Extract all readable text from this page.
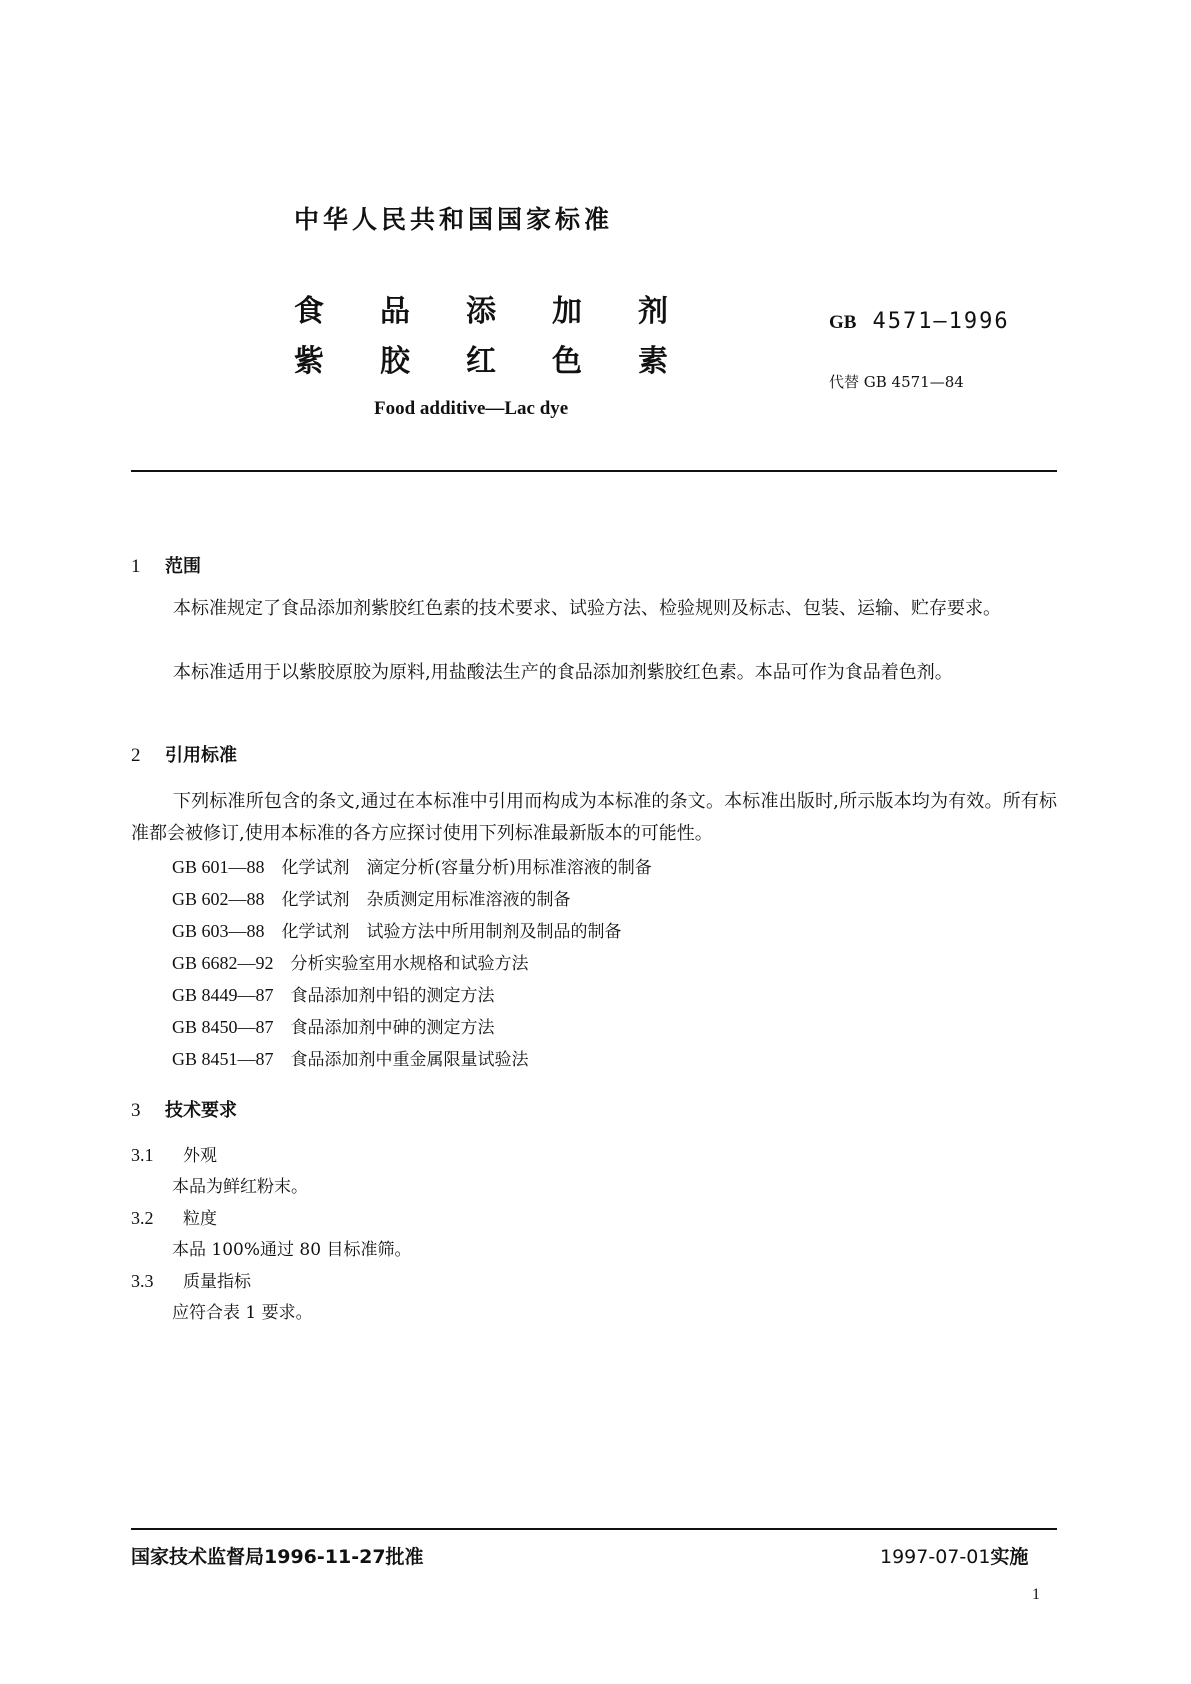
中华人民共和国国家标准
食	品	添	加	剂
紫	胶	红	色	素
GB 4571—1996
代替 GB 4571—84
Food additive—Lac dye
1 范围
本标准规定了食品添加剂紫胶红色素的技术要求、试验方法、检验规则及标志、包装、运输、贮存要求。
本标准适用于以紫胶原胶为原料,用盐酸法生产的食品添加剂紫胶红色素。本品可作为食品着色剂。
2 引用标准
下列标准所包含的条文,通过在本标准中引用而构成为本标准的条文。本标准出版时,所示版本均为有效。所有标准都会被修订,使用本标准的各方应探讨使用下列标准最新版本的可能性。
GB 601—88　 化学试剂　滴定分析(容量分析)用标准溶液的制备
GB 602—88　 化学试剂　杂质测定用标准溶液的制备
GB 603—88　 化学试剂　试验方法中所用制剂及制品的制备
GB 6682—92　 分析实验室用水规格和试验方法
GB 8449—87　 食品添加剂中铅的测定方法
GB 8450—87　 食品添加剂中砷的测定方法
GB 8451—87　 食品添加剂中重金属限量试验法
3 技术要求
3.1 外观
本品为鲜红粉末。
3.2 粒度
本品 100%通过 80 目标准筛。
3.3 质量指标
应符合表 1 要求。
国家技术监督局1996-11-27批准	1997-07-01实施
1
